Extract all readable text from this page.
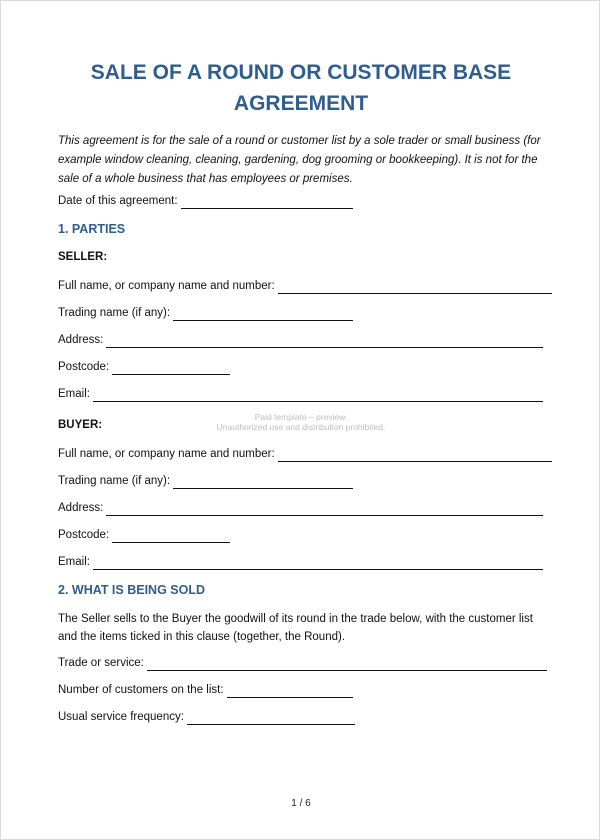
SALE OF A ROUND OR CUSTOMER BASE
AGREEMENT
This agreement is for the sale of a round or customer list by a sole trader or small business (for example window cleaning, cleaning, gardening, dog grooming or bookkeeping). It is not for the sale of a whole business that has employees or premises.
Date of this agreement:
1. PARTIES
SELLER:
Full name, or company name and number:
Trading name (if any):
Address:
Postcode:
Email:
Paid template – preview.
Unauthorized use and distribution prohibited.
BUYER:
Full name, or company name and number:
Trading name (if any):
Address:
Postcode:
Email:
2. WHAT IS BEING SOLD
The Seller sells to the Buyer the goodwill of its round in the trade below, with the customer list and the items ticked in this clause (together, the Round).
Trade or service:
Number of customers on the list:
Usual service frequency:
1 / 6
